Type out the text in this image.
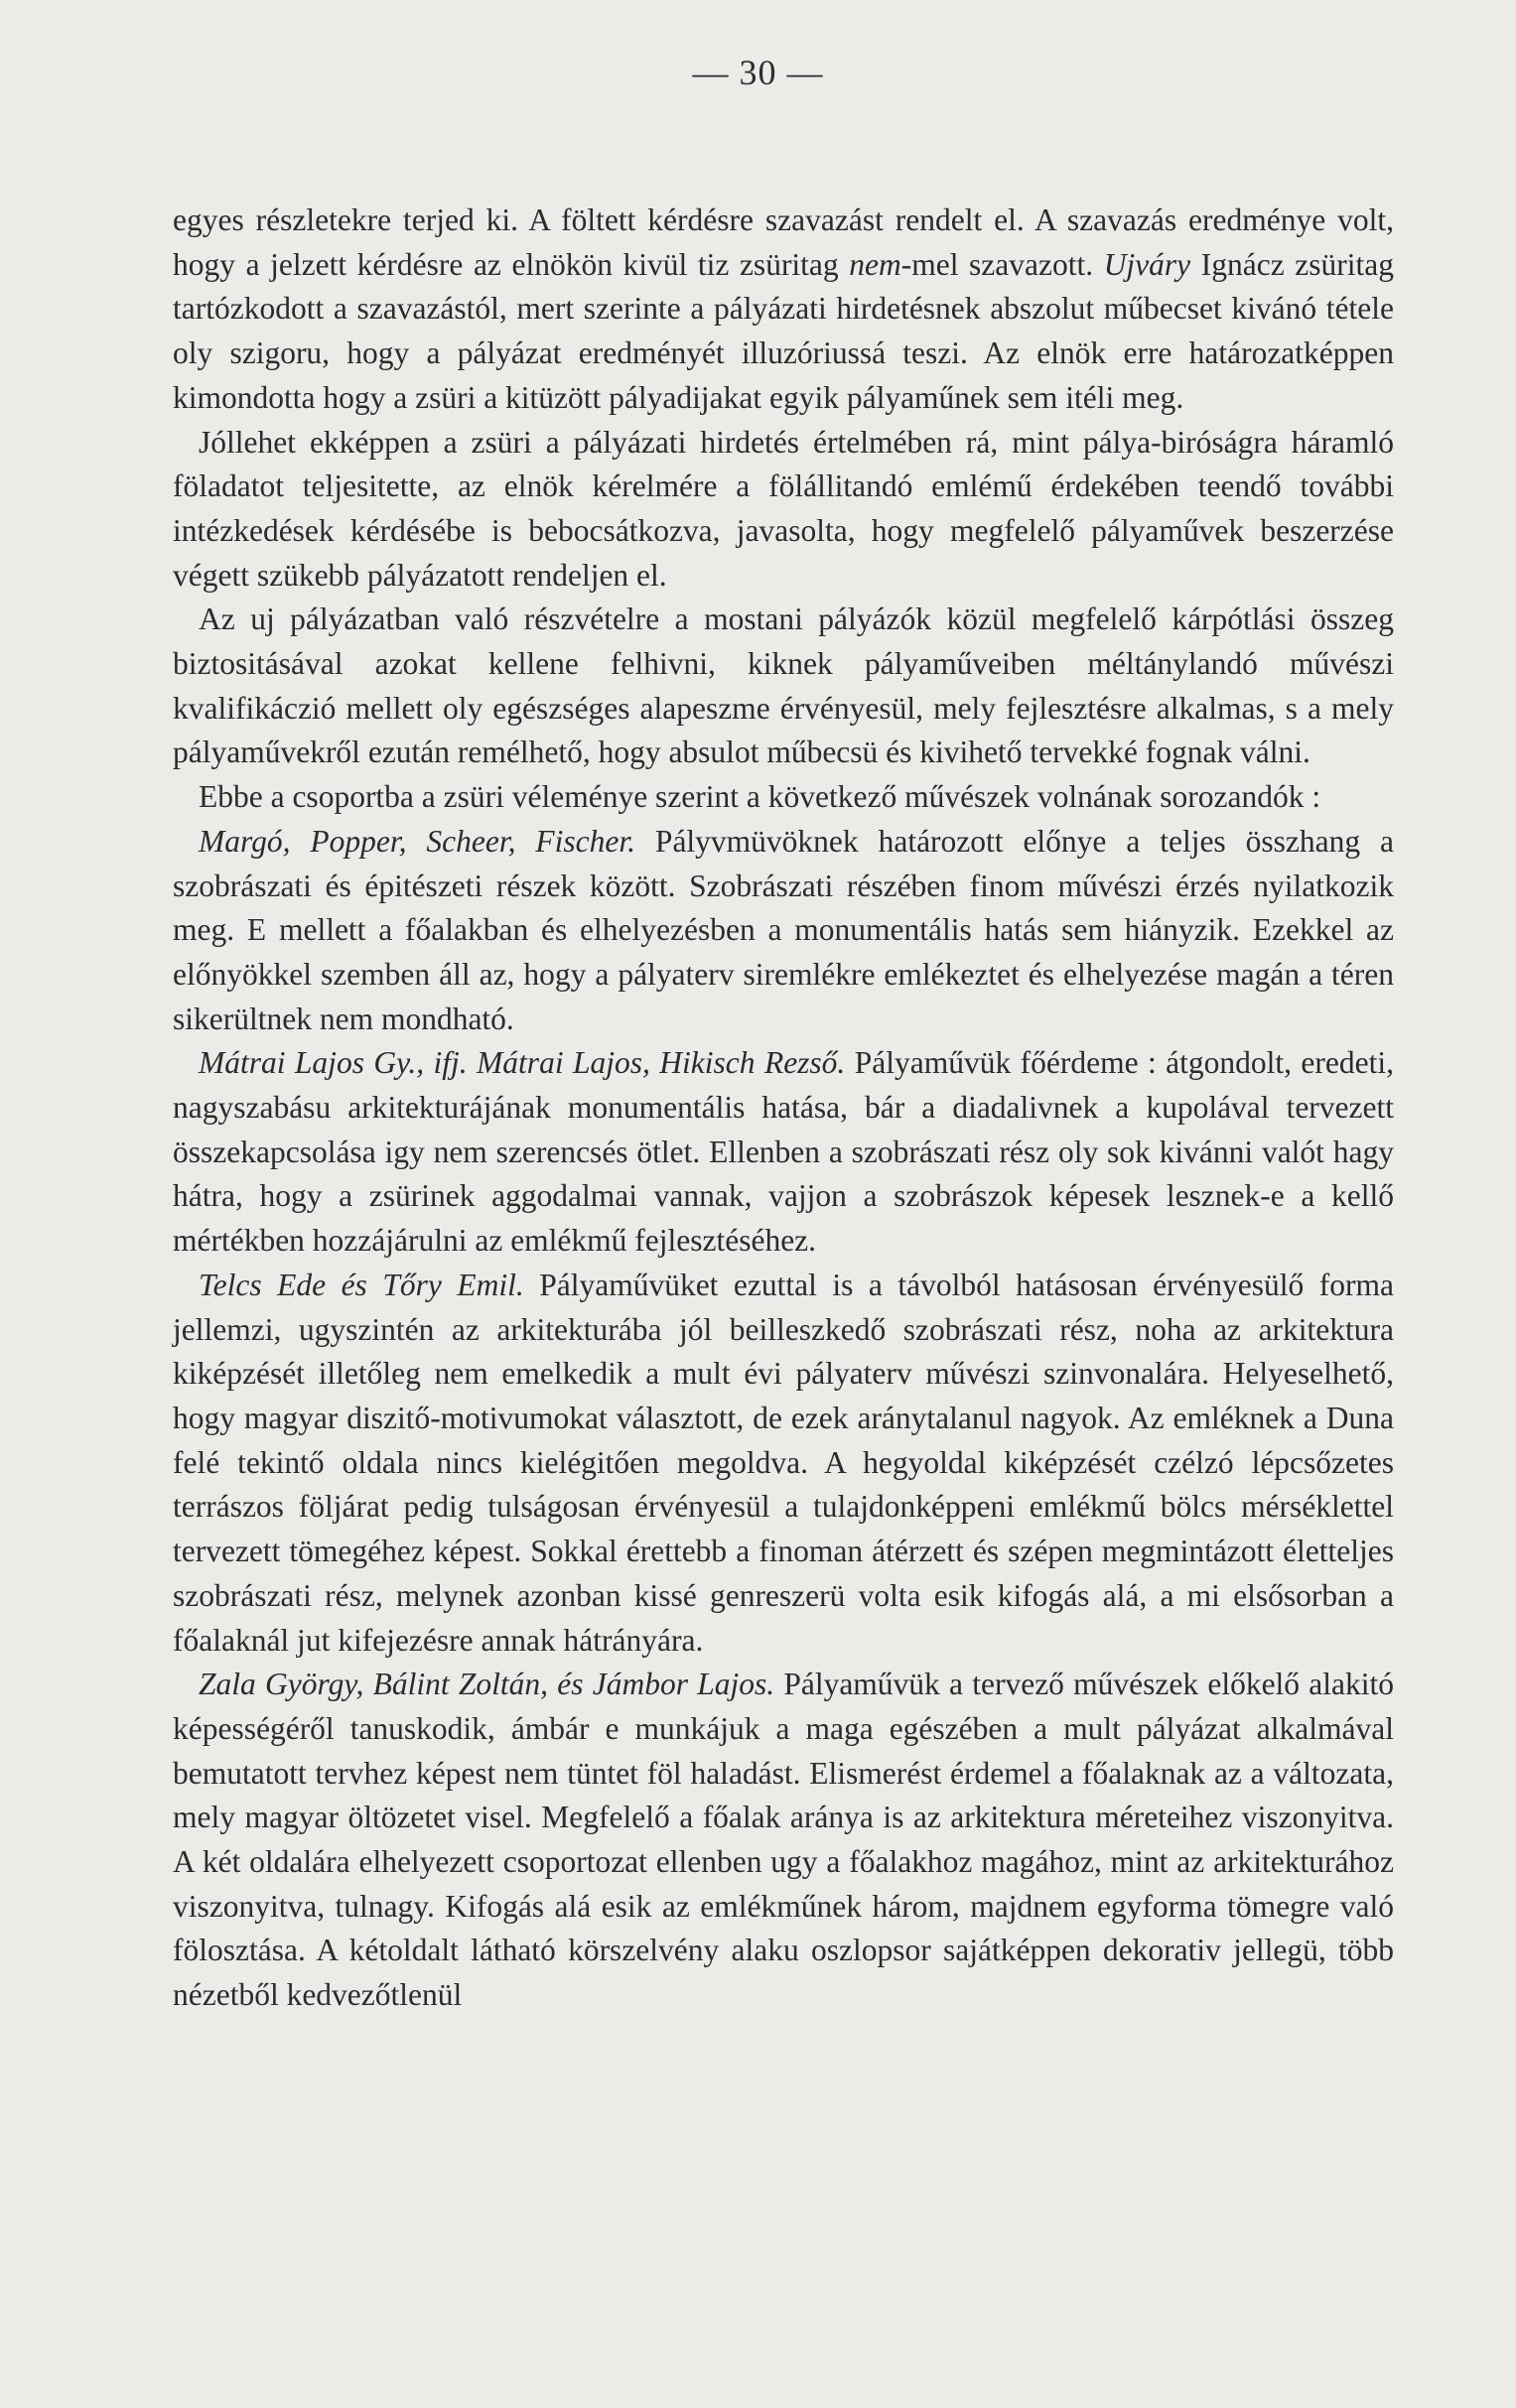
— 30 —

egyes részletekre terjed ki. A föltett kérdésre szavazást rendelt el. A szavazás eredménye volt, hogy a jelzett kérdésre az elnökön kivül tiz zsüritag nem-mel szavazott. Ujváry Ignácz zsüritag tartózkodott a szavazástól, mert szerinte a pályázati hirdetésnek abszolut műbecset kivánó tétele oly szigoru, hogy a pályázat eredményét illuzóriussá teszi. Az elnök erre határozatképpen kimondotta hogy a zsüri a kitüzött pályadijakat egyik pályaműnek sem itéli meg.

Jóllehet ekképpen a zsüri a pályázati hirdetés értelmében rá, mint pálya-biróságra háramló föladatot teljesitette, az elnök kérelmére a fölállitandó emlémű érdekében teendő további intézkedések kérdésébe is bebocsátkozva, javasolta, hogy megfelelő pályaművek beszerzése végett szükebb pályázatott rendeljen el.

Az uj pályázatban való részvételre a mostani pályázók közül megfelelő kárpótlási összeg biztositásával azokat kellene felhivni, kiknek pályaműveiben méltánylandó művészi kvalifikáczió mellett oly egészséges alapeszme érvényesül, mely fejlesztésre alkalmas, s a mely pályaművekről ezután remélhető, hogy absulot műbecsü és kivihető tervekké fognak válni.

Ebbe a csoportba a zsüri véleménye szerint a következő művészek volnának sorozandók :

Margó, Popper, Scheer, Fischer. Pályvmüvöknek határozott előnye a teljes összhang a szobrászati és épitészeti részek között. Szobrászati részében finom művészi érzés nyilatkozik meg. E mellett a főalakban és elhelyezésben a monumentális hatás sem hiányzik. Ezekkel az előnyökkel szemben áll az, hogy a pályaterv siremlékre emlékeztet és elhelyezése magán a téren sikerültnek nem mondható.

Mátrai Lajos Gy., ifj. Mátrai Lajos, Hikisch Rezső. Pályaművük főérdeme : átgondolt, eredeti, nagyszabásu arkitekturájának monumentális hatása, bár a diadalivnek a kupolával tervezett összekapcsolása igy nem szerencsés ötlet. Ellenben a szobrászati rész oly sok kivánni valót hagy hátra, hogy a zsürinek aggodalmai vannak, vajjon a szobrászok képesek lesznek-e a kellő mértékben hozzájárulni az emlékmű fejlesztéséhez.

Telcs Ede és Tőry Emil. Pályaművüket ezuttal is a távolból hatásosan érvényesülő forma jellemzi, ugyszintén az arkitekturába jól beilleszkedő szobrászati rész, noha az arkitektura kiképzését illetőleg nem emelkedik a mult évi pályaterv művészi szinvonalára. Helyeselhető, hogy magyar diszitő-motivumokat választott, de ezek aránytalanul nagyok. Az emléknek a Duna felé tekintő oldala nincs kielégitően megoldva. A hegyoldal kiképzését czélzó lépcsőzetes terrászos följárat pedig tulságosan érvényesül a tulajdonképpeni emlékmű bölcs mérséklettel tervezett tömegéhez képest. Sokkal érettebb a finoman átérzett és szépen megmintázott életteljes szobrászati rész, melynek azonban kissé genreszerü volta esik kifogás alá, a mi elsősorban a főalaknál jut kifejezésre annak hátrányára.

Zala György, Bálint Zoltán, és Jámbor Lajos. Pályaművük a tervező művészek előkelő alakitó képességéről tanuskodik, ámbár e munkájuk a maga egészében a mult pályázat alkalmával bemutatott tervhez képest nem tüntet föl haladást. Elismerést érdemel a főalaknak az a változata, mely magyar öltözetet visel. Megfelelő a főalak aránya is az arkitektura méreteihez viszonyitva. A két oldalára elhelyezett csoportozat ellenben ugy a főalakhoz magához, mint az arkitekturához viszonyitva, tulnagy. Kifogás alá esik az emlékműnek három, majdnem egyforma tömegre való fölosztása. A kétoldalt látható körszelvény alaku oszlopsor sajátképpen dekorativ jellegü, több nézetből kedvezőtlenül
